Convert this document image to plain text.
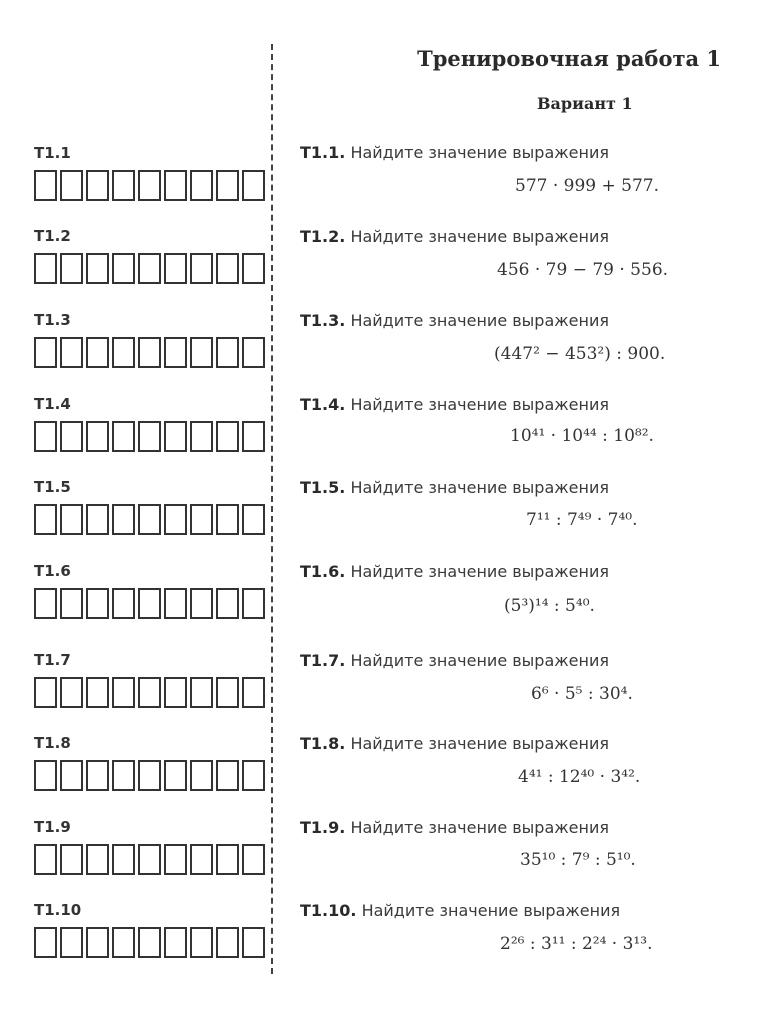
Тренировочная работа 1
Вариант 1
T1.1
T1.2
T1.3
T1.4
T1.5
T1.6
T1.7
T1.8
T1.9
T1.10
T1.1. Найдите значение выражения
577 · 999 + 577.
T1.2. Найдите значение выражения
456 · 79 − 79 · 556.
T1.3. Найдите значение выражения
(447² − 453²) : 900.
T1.4. Найдите значение выражения
10⁴¹ · 10⁴⁴ : 10⁸².
T1.5. Найдите значение выражения
7¹¹ : 7⁴⁹ · 7⁴⁰.
T1.6. Найдите значение выражения
(5³)¹⁴ : 5⁴⁰.
T1.7. Найдите значение выражения
6⁶ · 5⁵ : 30⁴.
T1.8. Найдите значение выражения
4⁴¹ : 12⁴⁰ · 3⁴².
T1.9. Найдите значение выражения
35¹⁰ : 7⁹ : 5¹⁰.
T1.10. Найдите значение выражения
2²⁶ : 3¹¹ : 2²⁴ · 3¹³.
